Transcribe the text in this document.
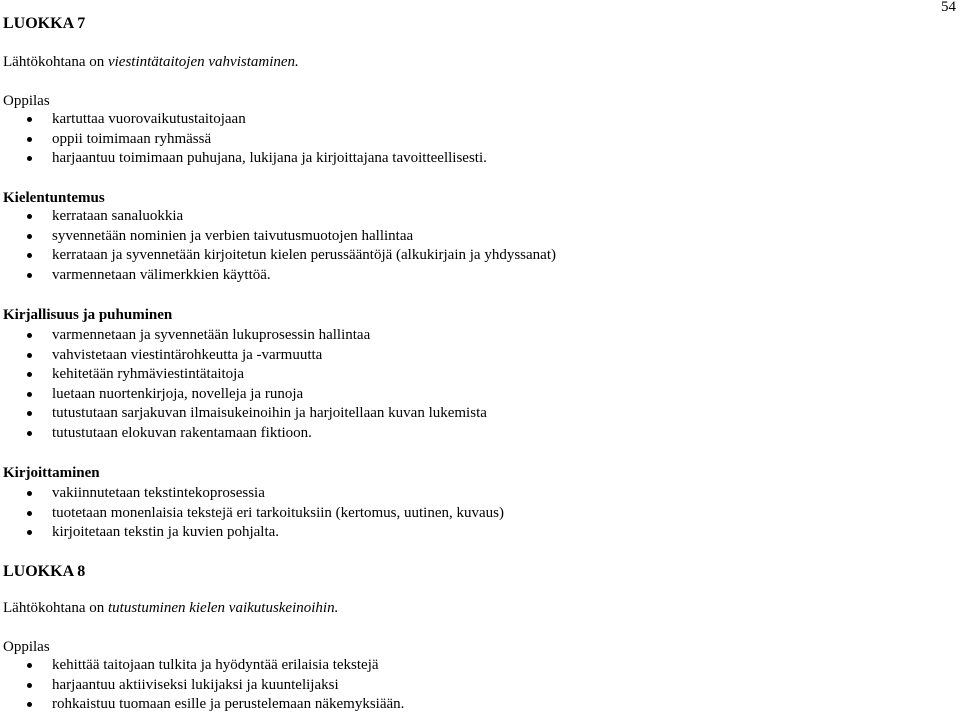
54
LUOKKA 7
Lähtökohtana on viestintätaitojen vahvistaminen.
Oppilas
kartuttaa vuorovaikutustaitojaan
oppii toimimaan ryhmässä
harjaantuu toimimaan puhujana, lukijana ja kirjoittajana tavoitteellisesti.
Kielentuntemus
kerrataan sanaluokkia
syvennetään nominien ja verbien taivutusmuotojen hallintaa
kerrataan ja syvennetään kirjoitetun kielen perussääntöjä (alkukirjain ja yhdyssanat)
varmennetaan välimerkkien käyttöä.
Kirjallisuus ja puhuminen
varmennetaan ja syvennetään lukuprosessin hallintaa
vahvistetaan viestintärohkeutta ja -varmuutta
kehitetään ryhmäviestintätaitoja
luetaan nuortenkirjoja, novelleja ja runoja
tutustutaan sarjakuvan ilmaisukeinoihin ja harjoitellaan kuvan lukemista
tutustutaan elokuvan rakentamaan fiktioon.
Kirjoittaminen
vakiinnutetaan tekstintekoprosessia
tuotetaan monenlaisia tekstejä eri tarkoituksiin (kertomus, uutinen, kuvaus)
kirjoitetaan tekstin ja kuvien pohjalta.
LUOKKA 8
Lähtökohtana on tutustuminen kielen vaikutuskeinoihin.
Oppilas
kehittää taitojaan tulkita ja hyödyntää erilaisia tekstejä
harjaantuu aktiiviseksi lukijaksi ja kuuntelijaksi
rohkaistuu tuomaan esille ja perustelemaan näkemyksiään.
